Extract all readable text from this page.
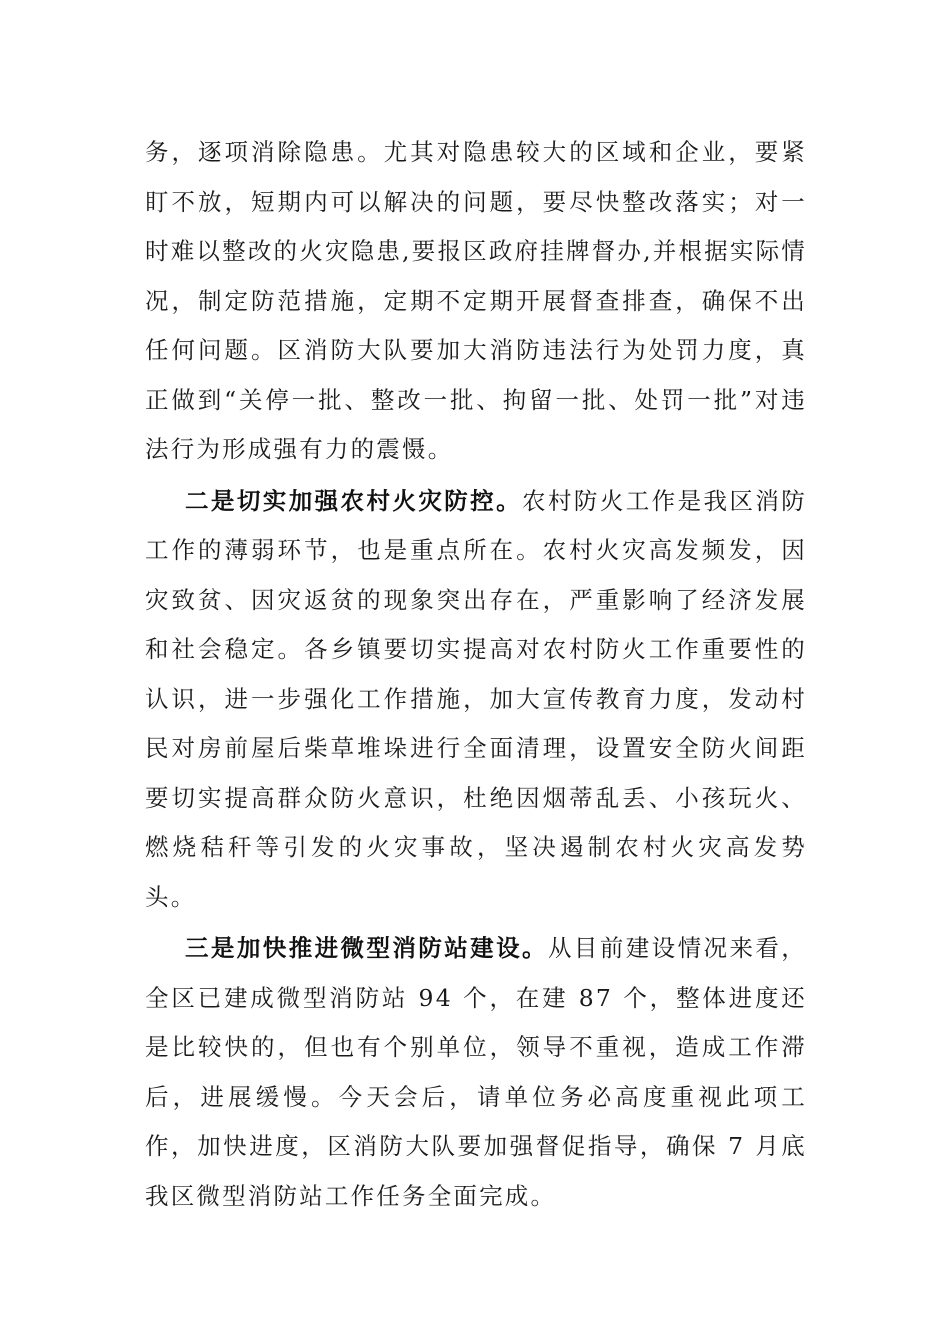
务，逐项消除隐患。尤其对隐患较大的区域和企业，要紧盯不放，短期内可以解决的问题，要尽快整改落实；对一时难以整改的火灾隐患,要报区政府挂牌督办,并根据实际情况，制定防范措施，定期不定期开展督查排查，确保不出任何问题。区消防大队要加大消防违法行为处罚力度，真正做到“关停一批、整改一批、拘留一批、处罚一批”对违法行为形成强有力的震慑。

二是切实加强农村火灾防控。农村防火工作是我区消防工作的薄弱环节，也是重点所在。农村火灾高发频发，因灾致贫、因灾返贫的现象突出存在，严重影响了经济发展和社会稳定。各乡镇要切实提高对农村防火工作重要性的认识，进一步强化工作措施，加大宣传教育力度，发动村民对房前屋后柴草堆垛进行全面清理，设置安全防火间距要切实提高群众防火意识，杜绝因烟蒂乱丢、小孩玩火、燃烧秸秆等引发的火灾事故，坚决遏制农村火灾高发势头。

三是加快推进微型消防站建设。从目前建设情况来看，全区已建成微型消防站 94 个，在建 87 个，整体进度还是比较快的，但也有个别单位，领导不重视，造成工作滞后，进展缓慢。今天会后，请单位务必高度重视此项工作，加快进度，区消防大队要加强督促指导，确保 7 月底我区微型消防站工作任务全面完成。
